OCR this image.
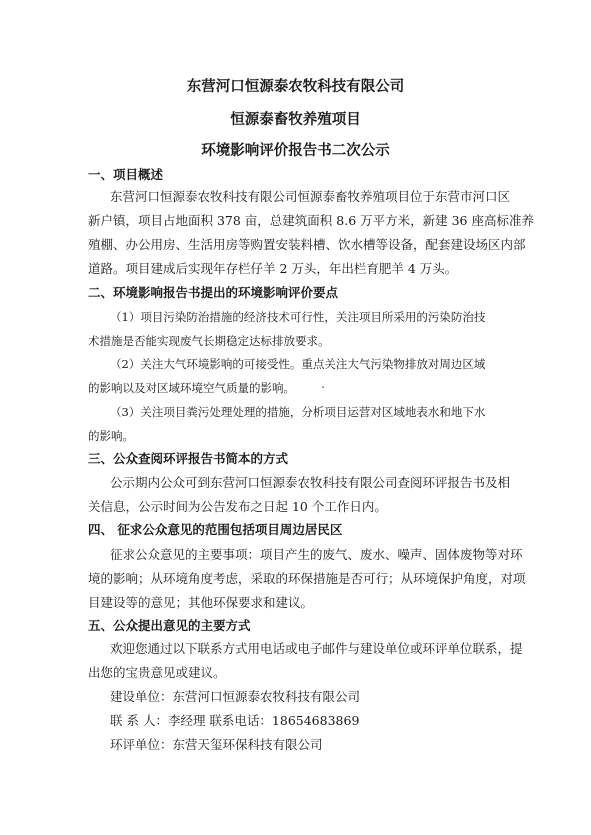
东营河口恒源泰农牧科技有限公司
恒源泰畜牧养殖项目
环境影响评价报告书二次公示
一、项目概述
东营河口恒源泰农牧科技有限公司恒源泰畜牧养殖项目位于东营市河口区
新户镇，项目占地面积 378 亩，总建筑面积 8.6 万平方米，新建 36 座高标准养
殖棚、办公用房、生活用房等购置安装料槽、饮水槽等设备，配套建设场区内部
道路。项目建成后实现年存栏仔羊 2 万头，年出栏育肥羊 4 万头。
二、环境影响报告书提出的环境影响评价要点
（1）项目污染防治措施的经济技术可行性，关注项目所采用的污染防治技
术措施是否能实现废气长期稳定达标排放要求。
（2）关注大气环境影响的可接受性。重点关注大气污染物排放对周边区域
的影响以及对区域环境空气质量的影响。
（3）关注项目粪污处理处理的措施，分析项目运营对区域地表水和地下水
的影响。
三、公众查阅环评报告书简本的方式
公示期内公众可到东营河口恒源泰农牧科技有限公司查阅环评报告书及相
关信息，公示时间为公告发布之日起 10 个工作日内。
四、 征求公众意见的范围包括项目周边居民区
征求公众意见的主要事项：项目产生的废气、废水、噪声、固体废物等对环
境的影响；从环境角度考虑，采取的环保措施是否可行；从环境保护角度，对项
目建设等的意见；其他环保要求和建议。
五、公众提出意见的主要方式
欢迎您通过以下联系方式用电话或电子邮件与建设单位或环评单位联系，提
出您的宝贵意见或建议。
建设单位：东营河口恒源泰农牧科技有限公司
联 系 人：李经理 联系电话：18654683869
环评单位：东营天玺环保科技有限公司
